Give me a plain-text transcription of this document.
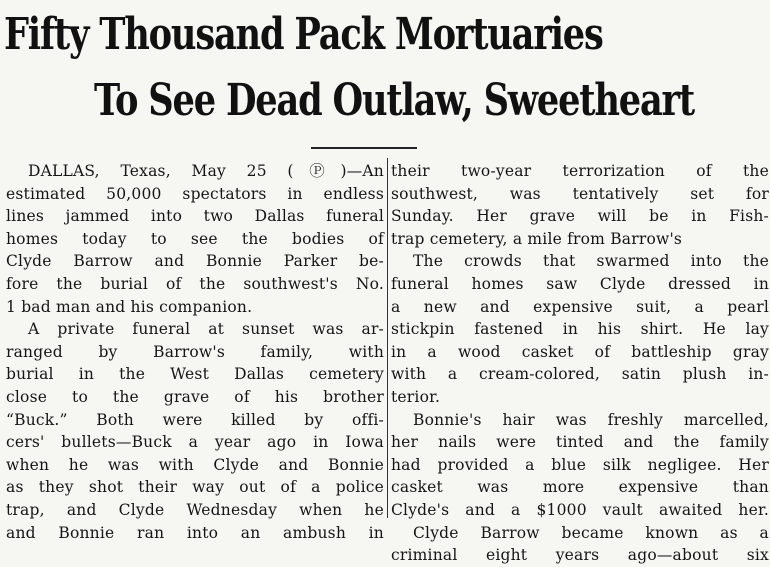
Fifty Thousand Pack Mortuaries
To See Dead Outlaw, Sweetheart
DALLAS, Texas, May 25 (Ⓟ)—An
estimated 50,000 spectators in endless
lines jammed into two Dallas funeral
homes today to see the bodies of
Clyde Barrow and Bonnie Parker be-
fore the burial of the southwest's No.
1 bad man and his companion.
A private funeral at sunset was ar-
ranged by Barrow's family, with
burial in the West Dallas cemetery
close to the grave of his brother
“Buck.” Both were killed by offi-
cers' bullets—Buck a year ago in Iowa
when he was with Clyde and Bonnie
as they shot their way out of a police
trap, and Clyde Wednesday when he
and Bonnie ran into an ambush in
their two-year terrorization of the
southwest, was tentatively set for
Sunday. Her grave will be in Fish-
trap cemetery, a mile from Barrow's
The crowds that swarmed into the
funeral homes saw Clyde dressed in
a new and expensive suit, a pearl
stickpin fastened in his shirt. He lay
in a wood casket of battleship gray
with a cream-colored, satin plush in-
terior.
Bonnie's hair was freshly marcelled,
her nails were tinted and the family
had provided a blue silk negligee. Her
casket was more expensive than
Clyde's and a $1000 vault awaited her.
Clyde Barrow became known as a
criminal eight years ago—about six
